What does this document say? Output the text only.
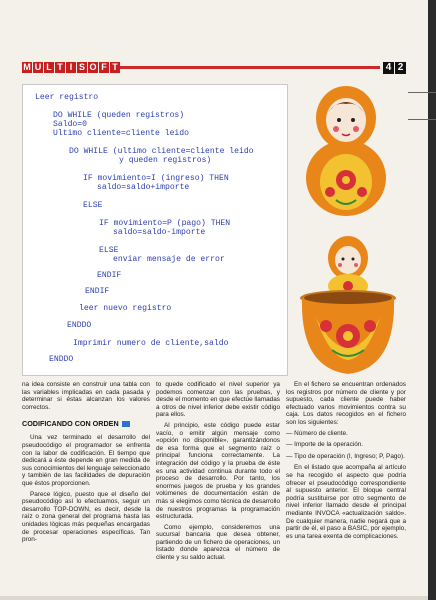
M U L T I S O F T	4 2
Leer registro
DO WHILE (queden registros)
Saldo=0
Ultimo cliente=cliente leido
DO WHILE (ultimo cliente=cliente leido
y queden registros)
IF movimiento=I (ingreso) THEN
saldo=saldo+importe
ELSE
IF movimiento=P (pago) THEN
saldo=saldo-importe
ELSE
enviar mensaje de error
ENDIF
ENDIF
leer nuevo registro
ENDDO
Imprimir numero de cliente,saldo
ENDDO

na idea consiste en construir una tabla con las variables implicadas en cada pasada y determinar si éstas alcanzan los valores correctos.

CODIFICANDO CON ORDEN

Una vez terminado el desarrollo del pseudocódigo el programador se enfrenta con la labor de codificación. El tiempo que dedicará a éste depende en gran medida de sus conocimientos del lenguaje seleccionado y también de las facilidades de depuración que éstos proporcionen.

Parece lógico, puesto que el diseño del pseudocódigo así lo efectuamos, seguir un desarrollo TOP-DOWN, es decir, desde la raíz o zona general del programa hasta las unidades lógicas más pequeñas encargadas de procesar operaciones específicas. Tan pron-

to quede codificado el nivel superior ya podemos comenzar con las pruebas, y desde el momento en que efectúe llamadas a otros de nivel inferior debe existir código para ellos.

Al principio, este código puede estar vacío, o emitir algún mensaje como «opción no disponible», garantizándonos de esa forma que el segmento raíz o principal funciona correctamente. La integración del código y la prueba de éste es una actividad continua durante todo el proceso de desarrollo. Por tanto, los enormes juegos de prueba y los grandes volúmenes de documentación están de más si elegimos como técnica de desarrollo de nuestros programas la programación estructurada.

Como ejemplo, consideremos una sucursal bancaria que desea obtener, partiendo de un fichero de operaciones, un listado donde aparezca el número de cliente y su saldo actual.

En el fichero se encuentran ordenados los registros por número de cliente y por supuesto, cada cliente puede haber efectuado varios movimientos contra su caja. Los datos recogidos en el fichero son los siguientes:

— Número de cliente.

— Importe de la operación.

— Tipo de operación (I, Ingreso; P, Pago).

En el listado que acompaña al artículo se ha recogido el aspecto que podría ofrecer el pseudocódigo correspondiente al supuesto anterior. El bloque central podría sustituirse por otro segmento de nivel inferior llamado desde el principal mediante INVOCA «actualización saldo». De cualquier manera, nadie negará que a partir de él, el paso a BASIC, por ejemplo, es una tarea exenta de complicaciones.
